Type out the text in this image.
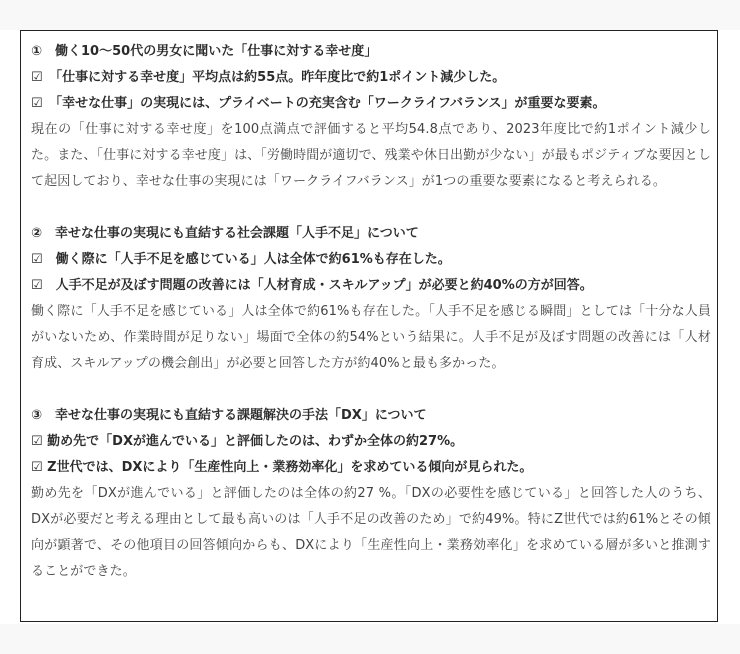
①　働く10〜50代の男女に聞いた「仕事に対する幸せ度」
☑　「仕事に対する幸せ度」平均点は約55点。昨年度比で約1ポイント減少した。
☑　「幸せな仕事」の実現には、プライベートの充実含む「ワークライフバランス」が重要な要素。
現在の「仕事に対する幸せ度」を100点満点で評価すると平均54.8点であり、2023年度比で約1ポイント減少した。また、「仕事に対する幸せ度」は、「労働時間が適切で、残業や休日出勤が少ない」が最もポジティブな要因として起因しており、幸せな仕事の実現には「ワークライフバランス」が1つの重要な要素になると考えられる。
②　幸せな仕事の実現にも直結する社会課題「人手不足」について
☑　働く際に「人手不足を感じている」人は全体で約61%も存在した。
☑　人手不足が及ぼす問題の改善には「人材育成・スキルアップ」が必要と約40%の方が回答。
働く際に「人手不足を感じている」人は全体で約61%も存在した。「人手不足を感じる瞬間」としては「十分な人員がいないため、作業時間が足りない」場面で全体の約54%という結果に。人手不足が及ぼす問題の改善には「人材育成、スキルアップの機会創出」が必要と回答した方が約40%と最も多かった。
③　幸せな仕事の実現にも直結する課題解決の手法「DX」について
☑ 勤め先で「DXが進んでいる」と評価したのは、わずか全体の約27%。
☑ Z世代では、DXにより「生産性向上・業務効率化」を求めている傾向が見られた。
勤め先を「DXが進んでいる」と評価したのは全体の約27 %。「DXの必要性を感じている」と回答した人のうち、DXが必要だと考える理由として最も高いのは「人手不足の改善のため」で約49%。特にZ世代では約61%とその傾向が顕著で、その他項目の回答傾向からも、DXにより「生産性向上・業務効率化」を求めている層が多いと推測することができた。
